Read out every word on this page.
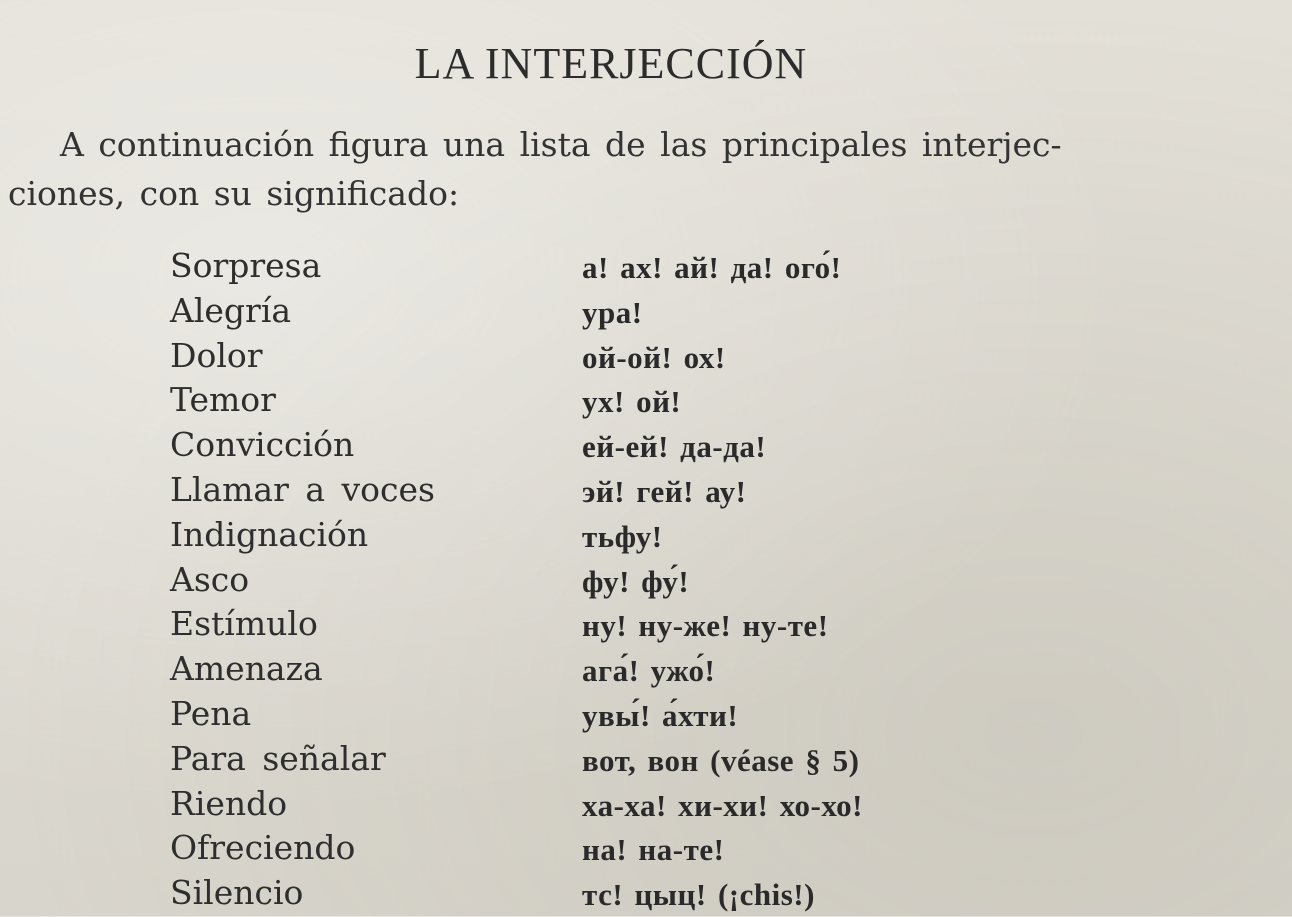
LA INTERJECCIÓN

A continuación figura una lista de las principales interjec-
ciones, con su significado:

Sorpresa	а! ах! ай! да! ого́!
Alegría	ура!
Dolor	ой-ой! ох!
Temor	ух! ой!
Convicción	ей-ей! да-да!
Llamar a voces	эй! гей! ау!
Indignación	тьфу!
Asco	фу! фу́!
Estímulo	ну! ну-же! ну-те!
Amenaza	ага́! ужо́!
Pena	увы́! а́хти!
Para señalar	вот, вон (véase § 5)
Riendo	ха-ха! хи-хи! хо-хо!
Ofreciendo	на! на-те!
Silencio	тс! цыц! (¡chis!)
